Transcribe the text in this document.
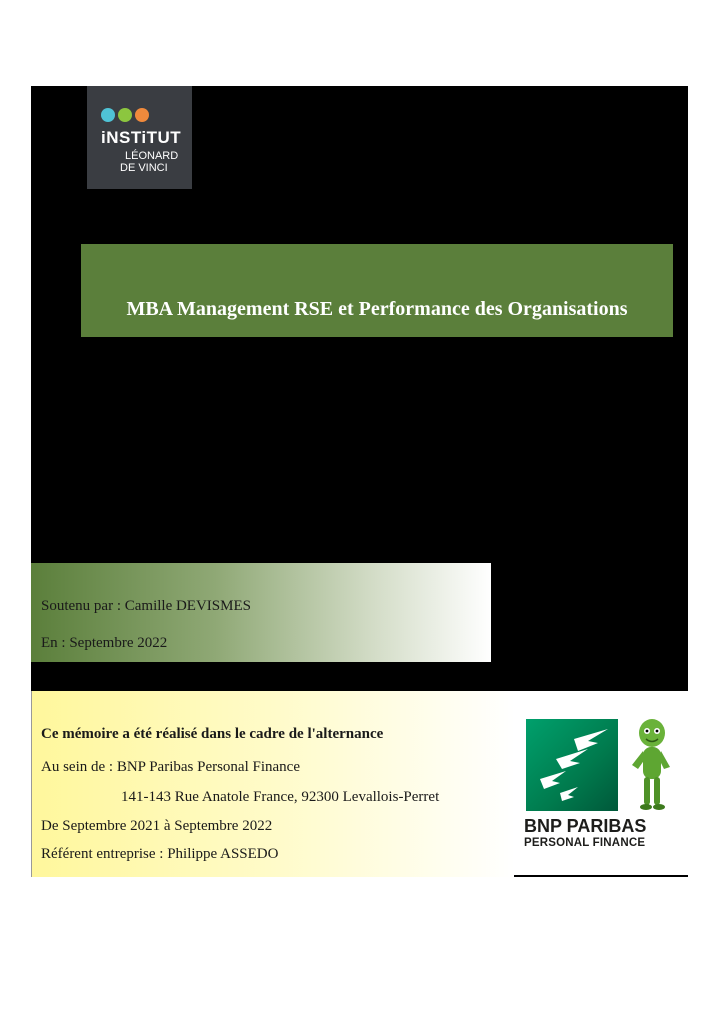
iNSTiTUT
LÉONARD
DE VINCI
MBA Management RSE et Performance des Organisations
Soutenu par : Camille DEVISMES
En : Septembre 2022
Ce mémoire a été réalisé dans le cadre de l'alternance
Au sein de : BNP Paribas Personal Finance
141-143 Rue Anatole France, 92300 Levallois-Perret
De Septembre 2021 à Septembre 2022
Référent entreprise : Philippe ASSEDO
BNP PARIBAS
PERSONAL FINANCE
